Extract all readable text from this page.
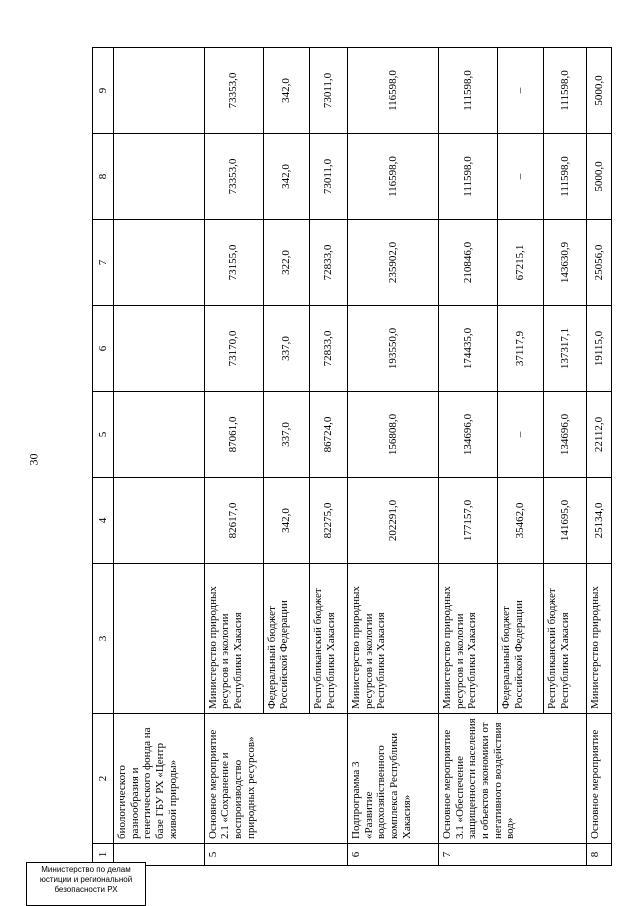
30
1	2	3	4	5	6	7	8	9
	биологического разнообразия и генетического фонда на базе ГБУ РХ «Центр живой природы»							
5	Основное мероприятие 2.1 «Сохранение и воспроизводство природных ресурсов»	Министерство природных ресурсов и экологии Республики Хакасия	82617,0	87061,0	73170,0	73155,0	73353,0	73353,0
		Федеральный бюджет Российской Федерации	342,0	337,0	337,0	322,0	342,0	342,0
		Республиканский бюджет Республики Хакасия	82275,0	86724,0	72833,0	72833,0	73011,0	73011,0
6	Подпрограмма 3 «Развитие водохозяйственного комплекса Республики Хакасия»	Министерство природных ресурсов и экологии Республики Хакасия	202291,0	156808,0	193550,0	235902,0	116598,0	116598,0
7	Основное мероприятие 3.1 «Обеспечение защищенности населения и объектов экономики от негативного воздействия вод»	Министерство природных ресурсов и экологии Республики Хакасия	177157,0	134696,0	174435,0	210846,0	111598,0	111598,0
		Федеральный бюджет Российской Федерации	35462,0	–	37117,9	67215,1	–	–
		Республиканский бюджет Республики Хакасия	141695,0	134696,0	137317,1	143630,9	111598,0	111598,0
8	Основное мероприятие	Министерство природных	25134,0	22112,0	19115,0	25056,0	5000,0	5000,0
Министерство по делам
юстиции и региональной
безопасности РХ
